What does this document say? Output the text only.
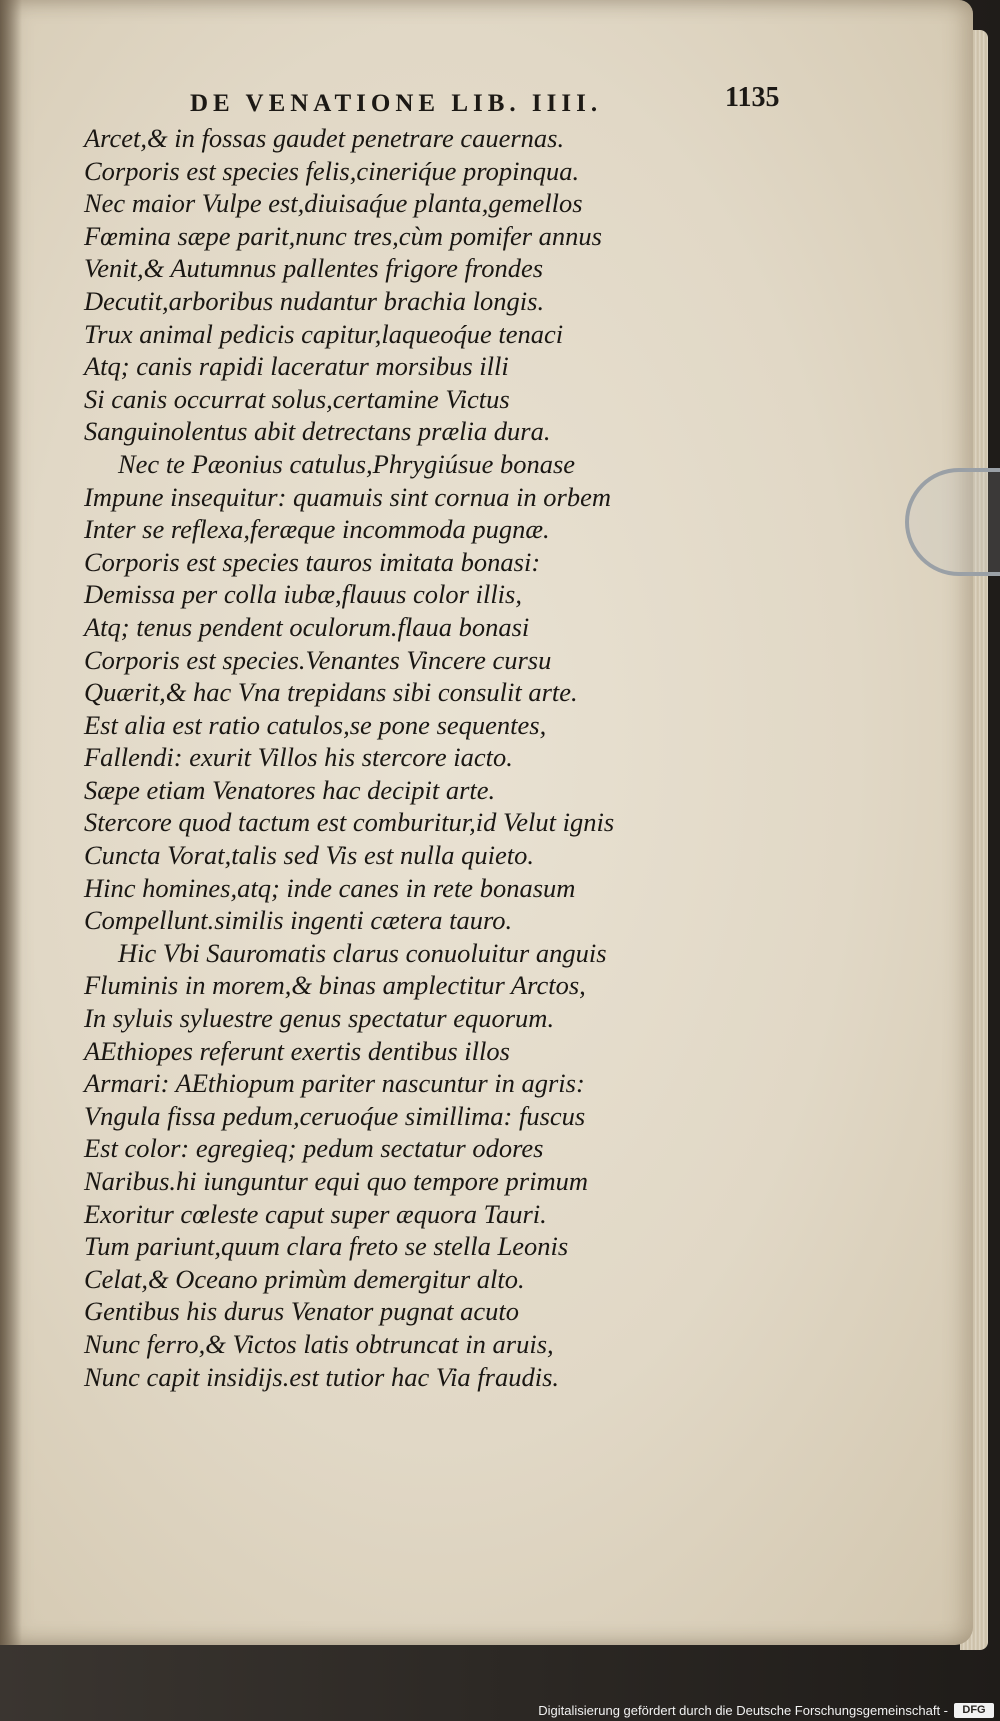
DE VENATIONE LIB. IIII.	1135
Arcet,& in fossas gaudet penetrare cauernas.
Corporis est species felis,cineriq́ue propinqua.
Nec maior Vulpe est,diuisaq́ue planta,gemellos
Fœmina sæpe parit,nunc tres,cùm pomifer annus
Venit,& Autumnus pallentes frigore frondes
Decutit,arboribus nudantur brachia longis.
Trux animal pedicis capitur,laqueoq́ue tenaci
Atq; canis rapidi laceratur morsibus illi
Si canis occurrat solus,certamine Victus
Sanguinolentus abit detrectans prælia dura.
Nec te Pæonius catulus,Phrygiúsue bonase
Impune insequitur: quamuis sint cornua in orbem
Inter se reflexa,feræque incommoda pugnæ.
Corporis est species tauros imitata bonasi:
Demissa per colla iubæ,flauus color illis,
Atq; tenus pendent oculorum.flaua bonasi
Corporis est species.Venantes Vincere cursu
Quærit,& hac Vna trepidans sibi consulit arte.
Est alia est ratio catulos,se pone sequentes,
Fallendi: exurit Villos his stercore iacto.
Sæpe etiam Venatores hac decipit arte.
Stercore quod tactum est comburitur,id Velut ignis
Cuncta Vorat,talis sed Vis est nulla quieto.
Hinc homines,atq; inde canes in rete bonasum
Compellunt.similis ingenti cætera tauro.
Hic Vbi Sauromatis clarus conuoluitur anguis
Fluminis in morem,& binas amplectitur Arctos,
In syluis syluestre genus spectatur equorum.
AEthiopes referunt exertis dentibus illos
Armari: AEthiopum pariter nascuntur in agris:
Vngula fissa pedum,ceruoq́ue simillima: fuscus
Est color: egregieq; pedum sectatur odores
Naribus.hi iunguntur equi quo tempore primum
Exoritur cœleste caput super æquora Tauri.
Tum pariunt,quum clara freto se stella Leonis
Celat,& Oceano primùm demergitur alto.
Gentibus his durus Venator pugnat acuto
Nunc ferro,& Victos latis obtruncat in aruis,
Nunc capit insidijs.est tutior hac Via fraudis.
Digitalisierung gefördert durch die Deutsche Forschungsgemeinschaft -	DFG
